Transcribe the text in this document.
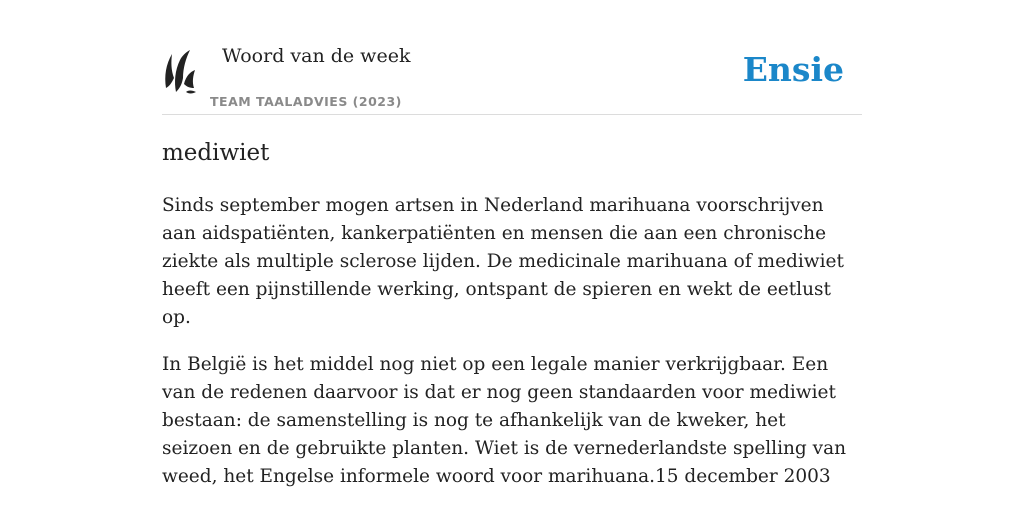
Woord van de week
TEAM TAALADVIES (2023)
Ensie
mediwiet

Sinds september mogen artsen in Nederland marihuana voorschrijven aan aidspatiënten, kankerpatiënten en mensen die aan een chronische ziekte als multiple sclerose lijden. De medicinale marihuana of mediwiet heeft een pijnstillende werking, ontspant de spieren en wekt de eetlust op.

In België is het middel nog niet op een legale manier verkrijgbaar. Een van de redenen daarvoor is dat er nog geen standaarden voor mediwiet bestaan: de samenstelling is nog te afhankelijk van de kweker, het seizoen en de gebruikte planten. Wiet is de vernederlandste spelling van weed, het Engelse informele woord voor marihuana.15 december 2003
